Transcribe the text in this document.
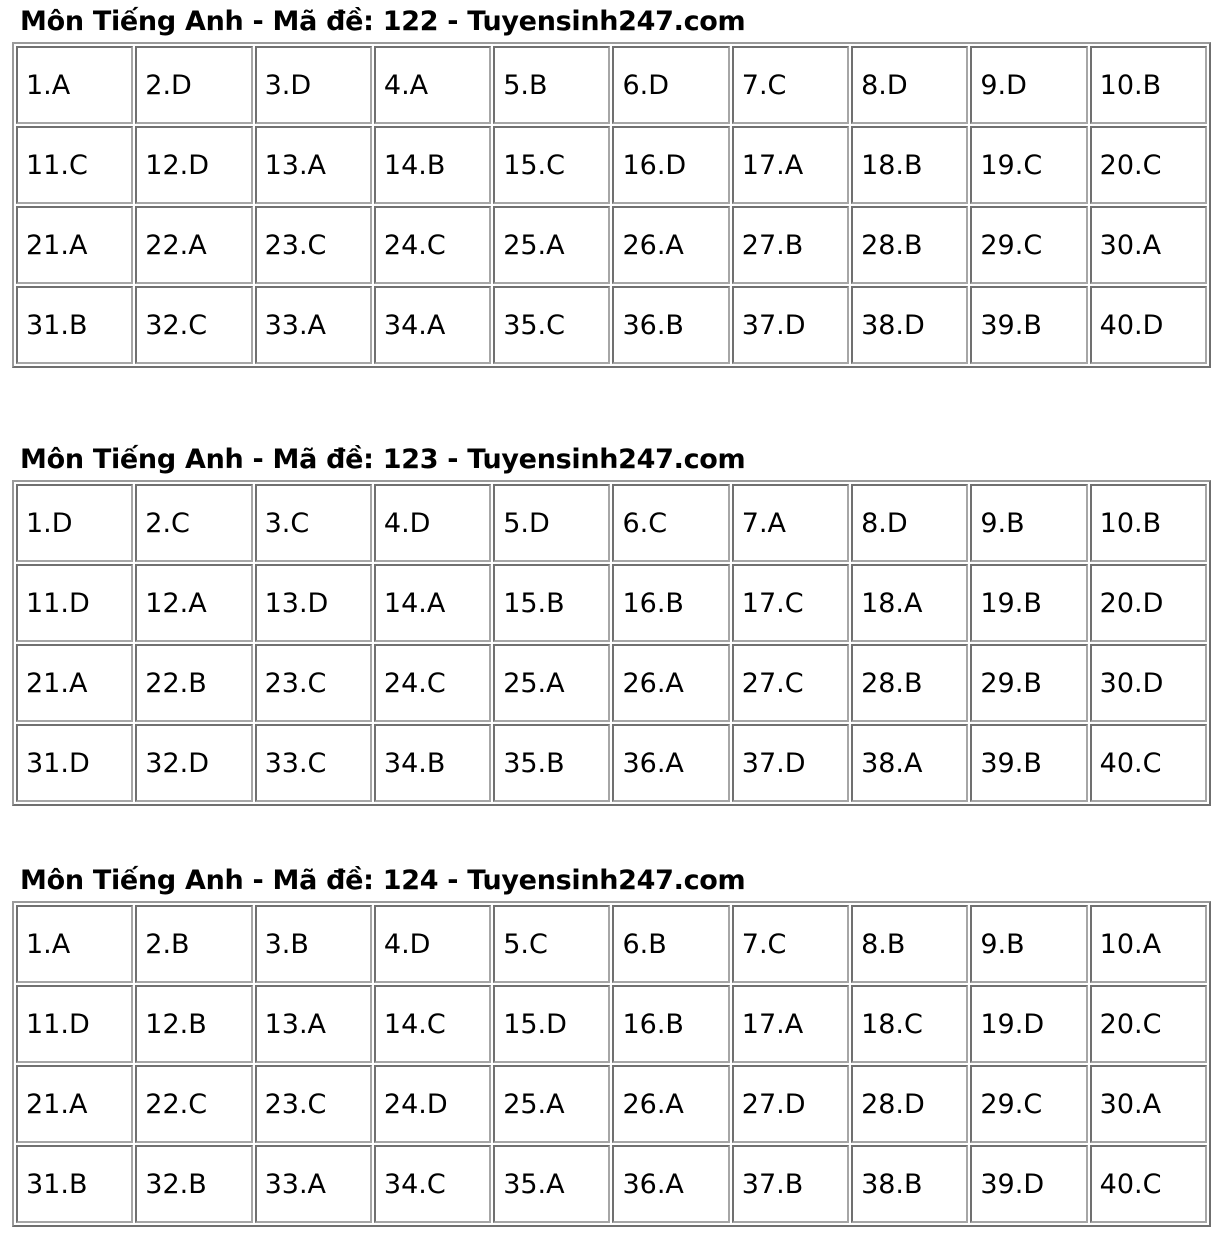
Môn Tiếng Anh - Mã đề: 122 - Tuyensinh247.com
1.A	2.D	3.D	4.A	5.B	6.D	7.C	8.D	9.D	10.B
11.C	12.D	13.A	14.B	15.C	16.D	17.A	18.B	19.C	20.C
21.A	22.A	23.C	24.C	25.A	26.A	27.B	28.B	29.C	30.A
31.B	32.C	33.A	34.A	35.C	36.B	37.D	38.D	39.B	40.D
Môn Tiếng Anh - Mã đề: 123 - Tuyensinh247.com
1.D	2.C	3.C	4.D	5.D	6.C	7.A	8.D	9.B	10.B
11.D	12.A	13.D	14.A	15.B	16.B	17.C	18.A	19.B	20.D
21.A	22.B	23.C	24.C	25.A	26.A	27.C	28.B	29.B	30.D
31.D	32.D	33.C	34.B	35.B	36.A	37.D	38.A	39.B	40.C
Môn Tiếng Anh - Mã đề: 124 - Tuyensinh247.com
1.A	2.B	3.B	4.D	5.C	6.B	7.C	8.B	9.B	10.A
11.D	12.B	13.A	14.C	15.D	16.B	17.A	18.C	19.D	20.C
21.A	22.C	23.C	24.D	25.A	26.A	27.D	28.D	29.C	30.A
31.B	32.B	33.A	34.C	35.A	36.A	37.B	38.B	39.D	40.C
